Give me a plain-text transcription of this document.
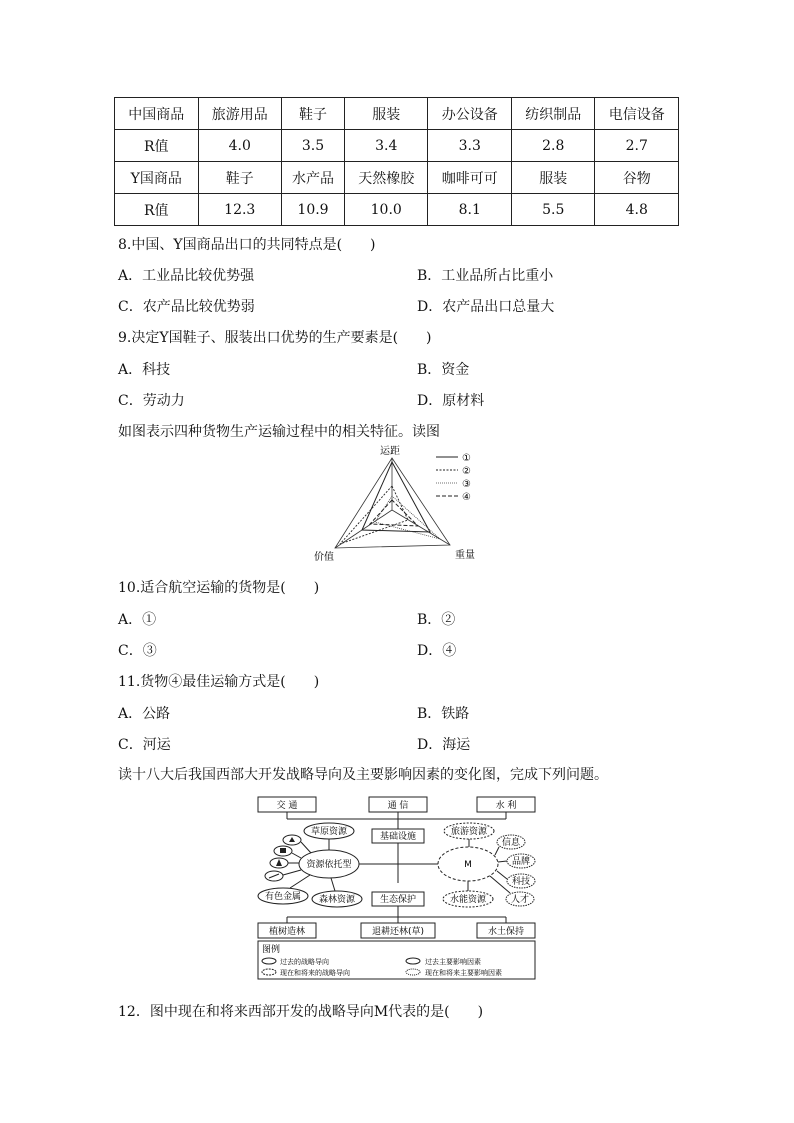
中国商品	旅游用品	鞋子	服装	办公设备	纺织制品	电信设备
R值	4.0	3.5	3.4	3.3	2.8	2.7
Y国商品	鞋子	水产品	天然橡胶	咖啡可可	服装	谷物
R值	12.3	10.9	10.0	8.1	5.5	4.8
8.中国、Y国商品出口的共同特点是(　　)
A．工业品比较优势强	B．工业品所占比重小
C．农产品比较优势弱	D．农产品出口总量大
9.决定Y国鞋子、服装出口优势的生产要素是(　　)
A．科技	B．资金
C．劳动力	D．原材料
如图表示四种货物生产运输过程中的相关特征。读图
运距
价值	重量
①
②
③
④
10.适合航空运输的货物是(　　)
A．①	B．②
C．③	D．④
11.货物④最佳运输方式是(　　)
A．公路	B．铁路
C．河运	D．海运
读十八大后我国西部大开发战略导向及主要影响因素的变化图，完成下列问题。
交 通	通 信	水 利
基础设施
资源依托型	M
草原资源
有色金属 森林资源
旅游资源
水能资源
信息
品牌
科技
人才
生态保护
植树造林	退耕还林(草)	水土保持
图例
过去的战略导向	过去主要影响因素
现在和将来的战略导向	现在和将来主要影响因素
12．图中现在和将来西部开发的战略导向M代表的是(　　)
